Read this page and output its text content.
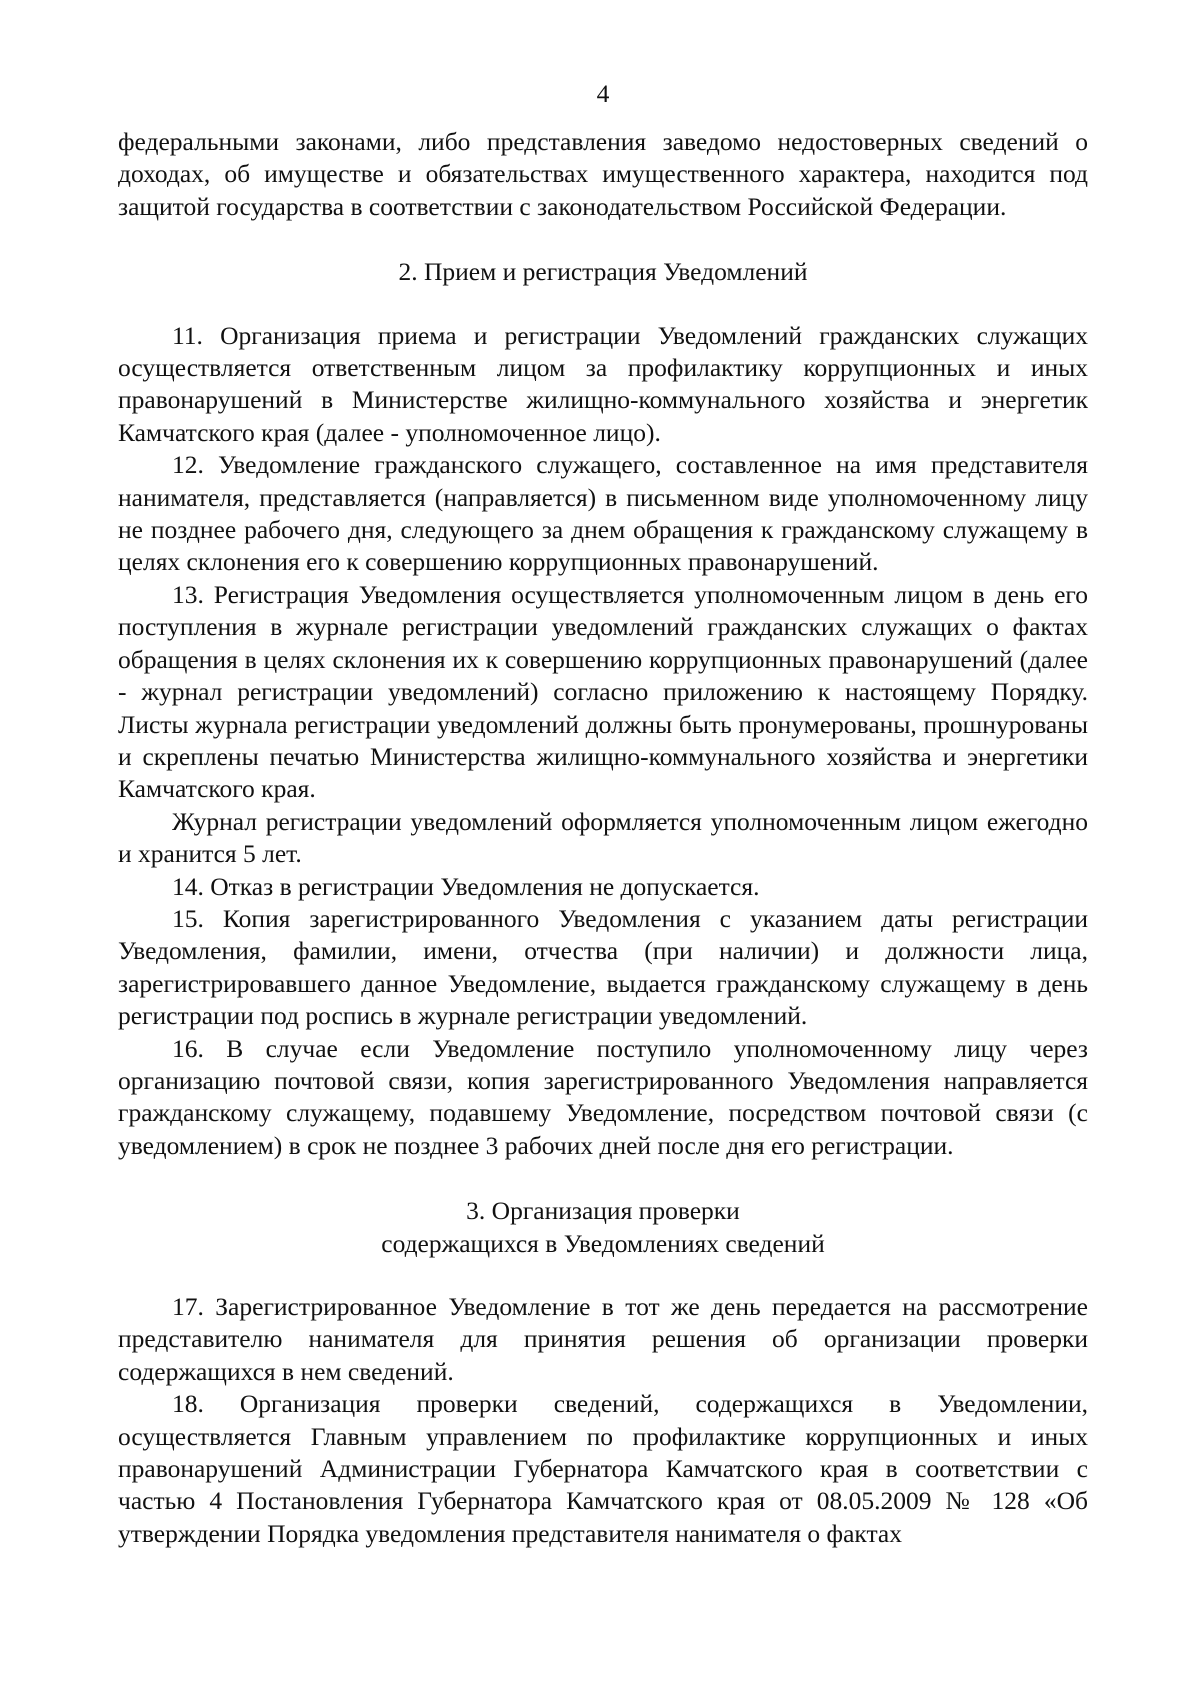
4

федеральными законами, либо представления заведомо недостоверных сведений о доходах, об имуществе и обязательствах имущественного характера, находится под защитой государства в соответствии с законодательством Российской Федерации.

2. Прием и регистрация Уведомлений

11. Организация приема и регистрации Уведомлений гражданских служащих осуществляется ответственным лицом за профилактику коррупционных и иных правонарушений в Министерстве жилищно-коммунального хозяйства и энергетик Камчатского края (далее - уполномоченное лицо).

12. Уведомление гражданского служащего, составленное на имя представителя нанимателя, представляется (направляется) в письменном виде уполномоченному лицу не позднее рабочего дня, следующего за днем обращения к гражданскому служащему в целях склонения его к совершению коррупционных правонарушений.

13. Регистрация Уведомления осуществляется уполномоченным лицом в день его поступления в журнале регистрации уведомлений гражданских служащих о фактах обращения в целях склонения их к совершению коррупционных правонарушений (далее - журнал регистрации уведомлений) согласно приложению к настоящему Порядку. Листы журнала регистрации уведомлений должны быть пронумерованы, прошнурованы и скреплены печатью Министерства жилищно-коммунального хозяйства и энергетики Камчатского края.

Журнал регистрации уведомлений оформляется уполномоченным лицом ежегодно и хранится 5 лет.

14. Отказ в регистрации Уведомления не допускается.

15. Копия зарегистрированного Уведомления с указанием даты регистрации Уведомления, фамилии, имени, отчества (при наличии) и должности лица, зарегистрировавшего данное Уведомление, выдается гражданскому служащему в день регистрации под роспись в журнале регистрации уведомлений.

16. В случае если Уведомление поступило уполномоченному лицу через организацию почтовой связи, копия зарегистрированного Уведомления направляется гражданскому служащему, подавшему Уведомление, посредством почтовой связи (с уведомлением) в срок не позднее 3 рабочих дней после дня его регистрации.

3. Организация проверки

содержащихся в Уведомлениях сведений

17. Зарегистрированное Уведомление в тот же день передается на рассмотрение представителю нанимателя для принятия решения об организации проверки содержащихся в нем сведений.

18. Организация проверки сведений, содержащихся в Уведомлении, осуществляется Главным управлением по профилактике коррупционных и иных правонарушений Администрации Губернатора Камчатского края в соответствии с частью 4 Постановления Губернатора Камчатского края от 08.05.2009 № 128 «Об утверждении Порядка уведомления представителя нанимателя о фактах
